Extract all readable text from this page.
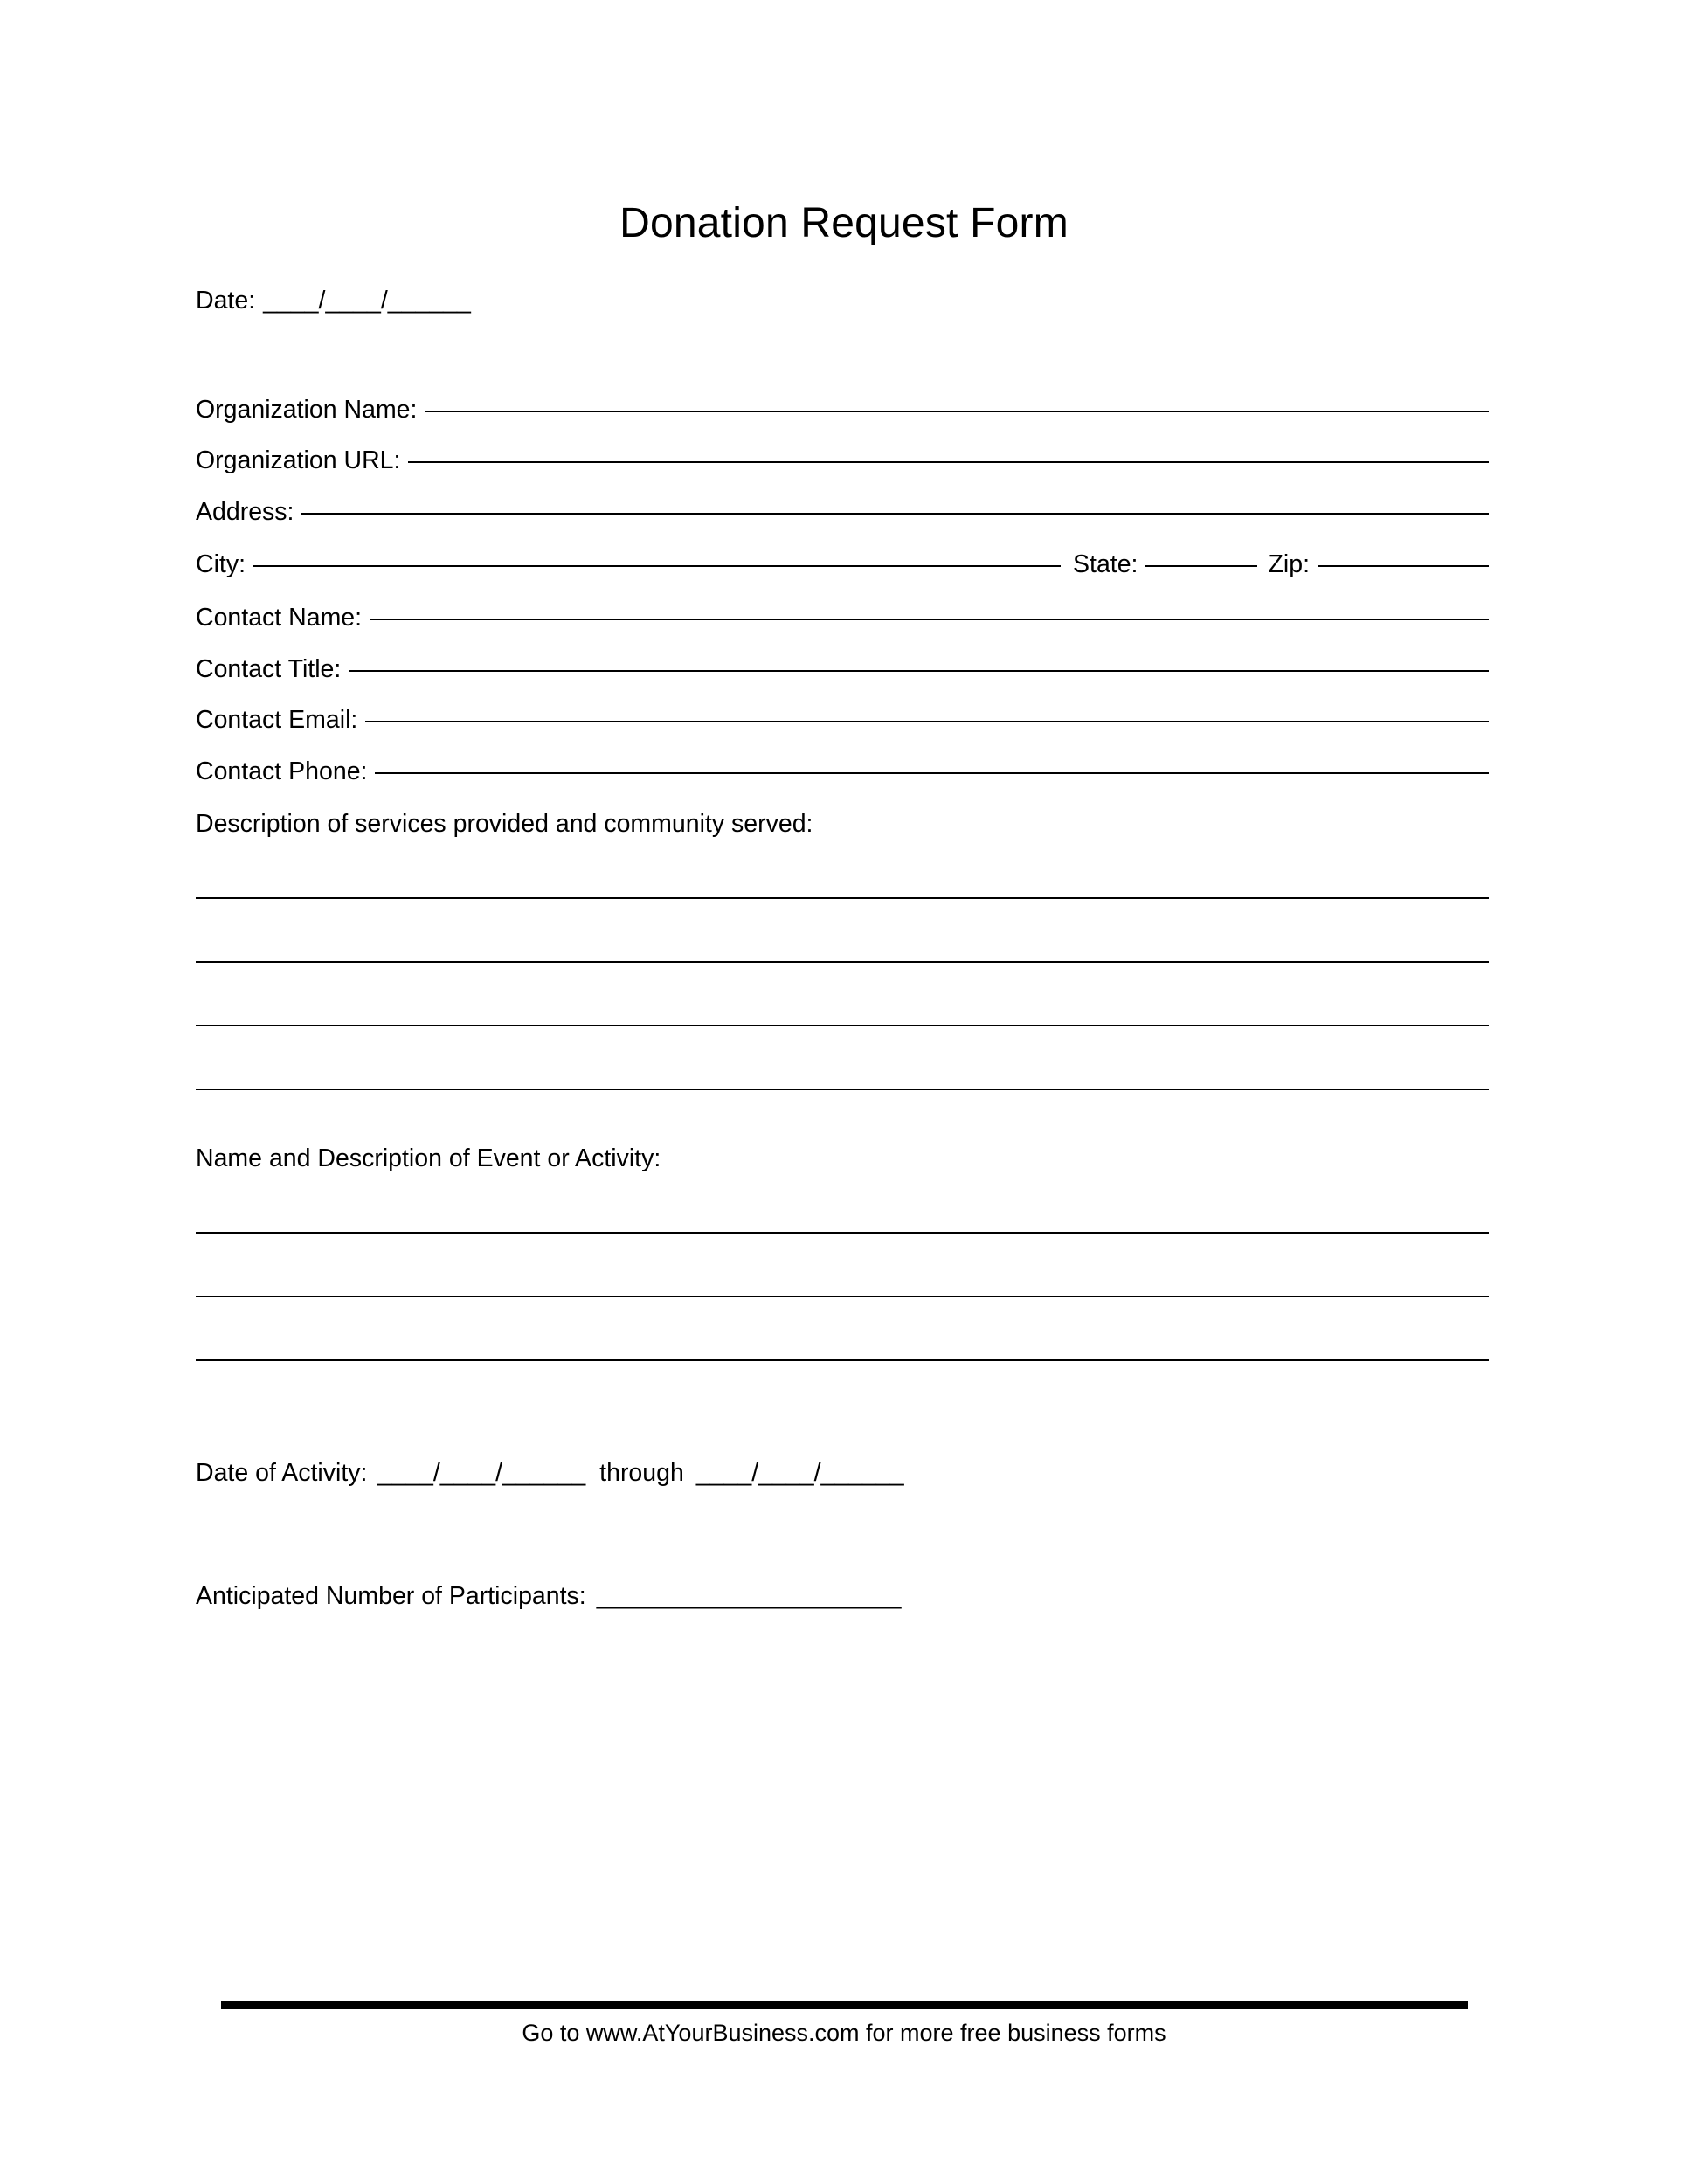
Donation Request Form
Date: ____/____/______
Organization Name:
Organization URL:
Address:
City:	State:	Zip:
Contact Name:
Contact Title:
Contact Email:
Contact Phone:
Description of services provided and community served:
Name and Description of Event or Activity:
Date of Activity: ____/____/______ through ____/____/______
Anticipated Number of Participants: ______________________
Go to www.AtYourBusiness.com for more free business forms
